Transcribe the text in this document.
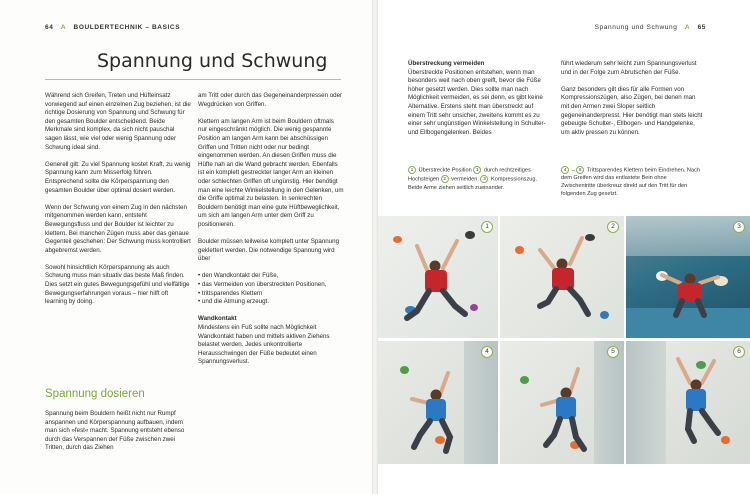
64 A BOULDERTECHNIK – BASICS
Spannung und Schwung

Während sich Greifen, Treten und Hüfteinsatz vorwiegend auf einen einzelnen Zug beziehen, ist die richtige Dosierung von Spannung und Schwung für den gesamten Boulder entscheidend. Beide Merkmale sind komplex, da sich nicht pauschal sagen lässt, wie viel oder wenig Spannung oder Schwung ideal sind.

Generell gilt: Zu viel Spannung kostet Kraft, zu wenig Spannung kann zum Misserfolg führen. Entsprechend sollte die Körperspannung den gesamten Boulder über optimal dosiert werden.

Wenn der Schwung von einem Zug in den nächsten mitgenommen werden kann, entsteht Bewegungsfluss und der Boulder ist leichter zu klettern. Bei manchen Zügen muss aber das genaue Gegenteil geschehen: Der Schwung muss kontrolliert abgebremst werden.

Sowohl hinsichtlich Körperspannung als auch Schwung muss man situativ das beste Maß finden. Dies setzt ein gutes Bewegungsgefühl und vielfältige Bewegungserfahrungen voraus – hier hilft oft learning by doing.

Spannung dosieren

Spannung beim Bouldern heißt nicht nur Rumpf anspannen und Körperspannung aufbauen, indem man sich »fest« macht. Spannung entsteht ebenso durch das Verspannen der Füße zwischen zwei Tritten, durch das Ziehen

am Tritt oder durch das Gegeneinanderpressen oder Wegdrücken von Griffen.

Klettern am langen Arm ist beim Bouldern oftmals nur eingeschränkt möglich. Die wenig gespannte Position am langen Arm kann bei abschüssigen Griffen und Tritten nicht oder nur bedingt eingenommen werden. An diesen Griffen muss die Hüfte nah an die Wand gebracht werden. Ebenfalls ist ein komplett gestreckter langer Arm an kleinen oder schlechten Griffen oft ungünstig. Hier benötigt man eine leichte Winkelstellung in den Gelenken, um die Griffe optimal zu belasten. In senkrechten Bouldern benötigt man eine gute Hüftbeweglichkeit, um sich am langen Arm unter dem Griff zu positionieren.

Boulder müssen teilweise komplett unter Spannung geklettert werden. Die notwendige Spannung wird über

• den Wandkontakt der Füße,
• das Vermeiden von überstreckten Positionen,
• trittsparendes Klettern
• und die Atmung erzeugt.
Wandkontakt

Mindestens ein Fuß sollte nach Möglichkeit Wandkontakt haben und mittels aktiven Ziehens belastet werden. Jedes unkontrollierte Herausschwingen der Füße bedeutet einen Spannungsverlust.

Spannung und Schwung A 65
Überstreckung vermeiden

Überstreckte Positionen entstehen, wenn man besonders weit nach oben greift, bevor die Füße höher gesetzt werden. Dies sollte man nach Möglichkeit vermeiden, es sei denn, es gibt keine Alternative. Erstens steht man überstreckt auf einem Tritt sehr unsicher, zweitens kommt es zu einer sehr ungünstigen Winkelstellung in Schulter- und Ellbogengelenken. Beides

führt wiederum sehr leicht zum Spannungsverlust und in der Folge zum Abrutschen der Füße.

Ganz besonders gilt dies für alle Formen von Kompressionszügen, also Zügen, bei denen man mit den Armen zwei Sloper seitlich gegeneinanderpresst. Hier benötigt man stets leicht gebeugte Schulter-, Ellbogen- und Handgelenke, um aktiv pressen zu können.

1 Überstreckte Position 1 durch rechtzeitiges Hochsteigen 2 vermeiden. 3 Kompressionszug. Beide Arme ziehen seitlich zueinander.
4 – 6 Trittsparendes Klettern beim Eindrehen. Nach dem Greifen wird das entlastete Bein ohne Zwischentritte überkreuz direkt auf den Tritt für den folgenden Zug gesetzt.
1	2	3
4	5	6
